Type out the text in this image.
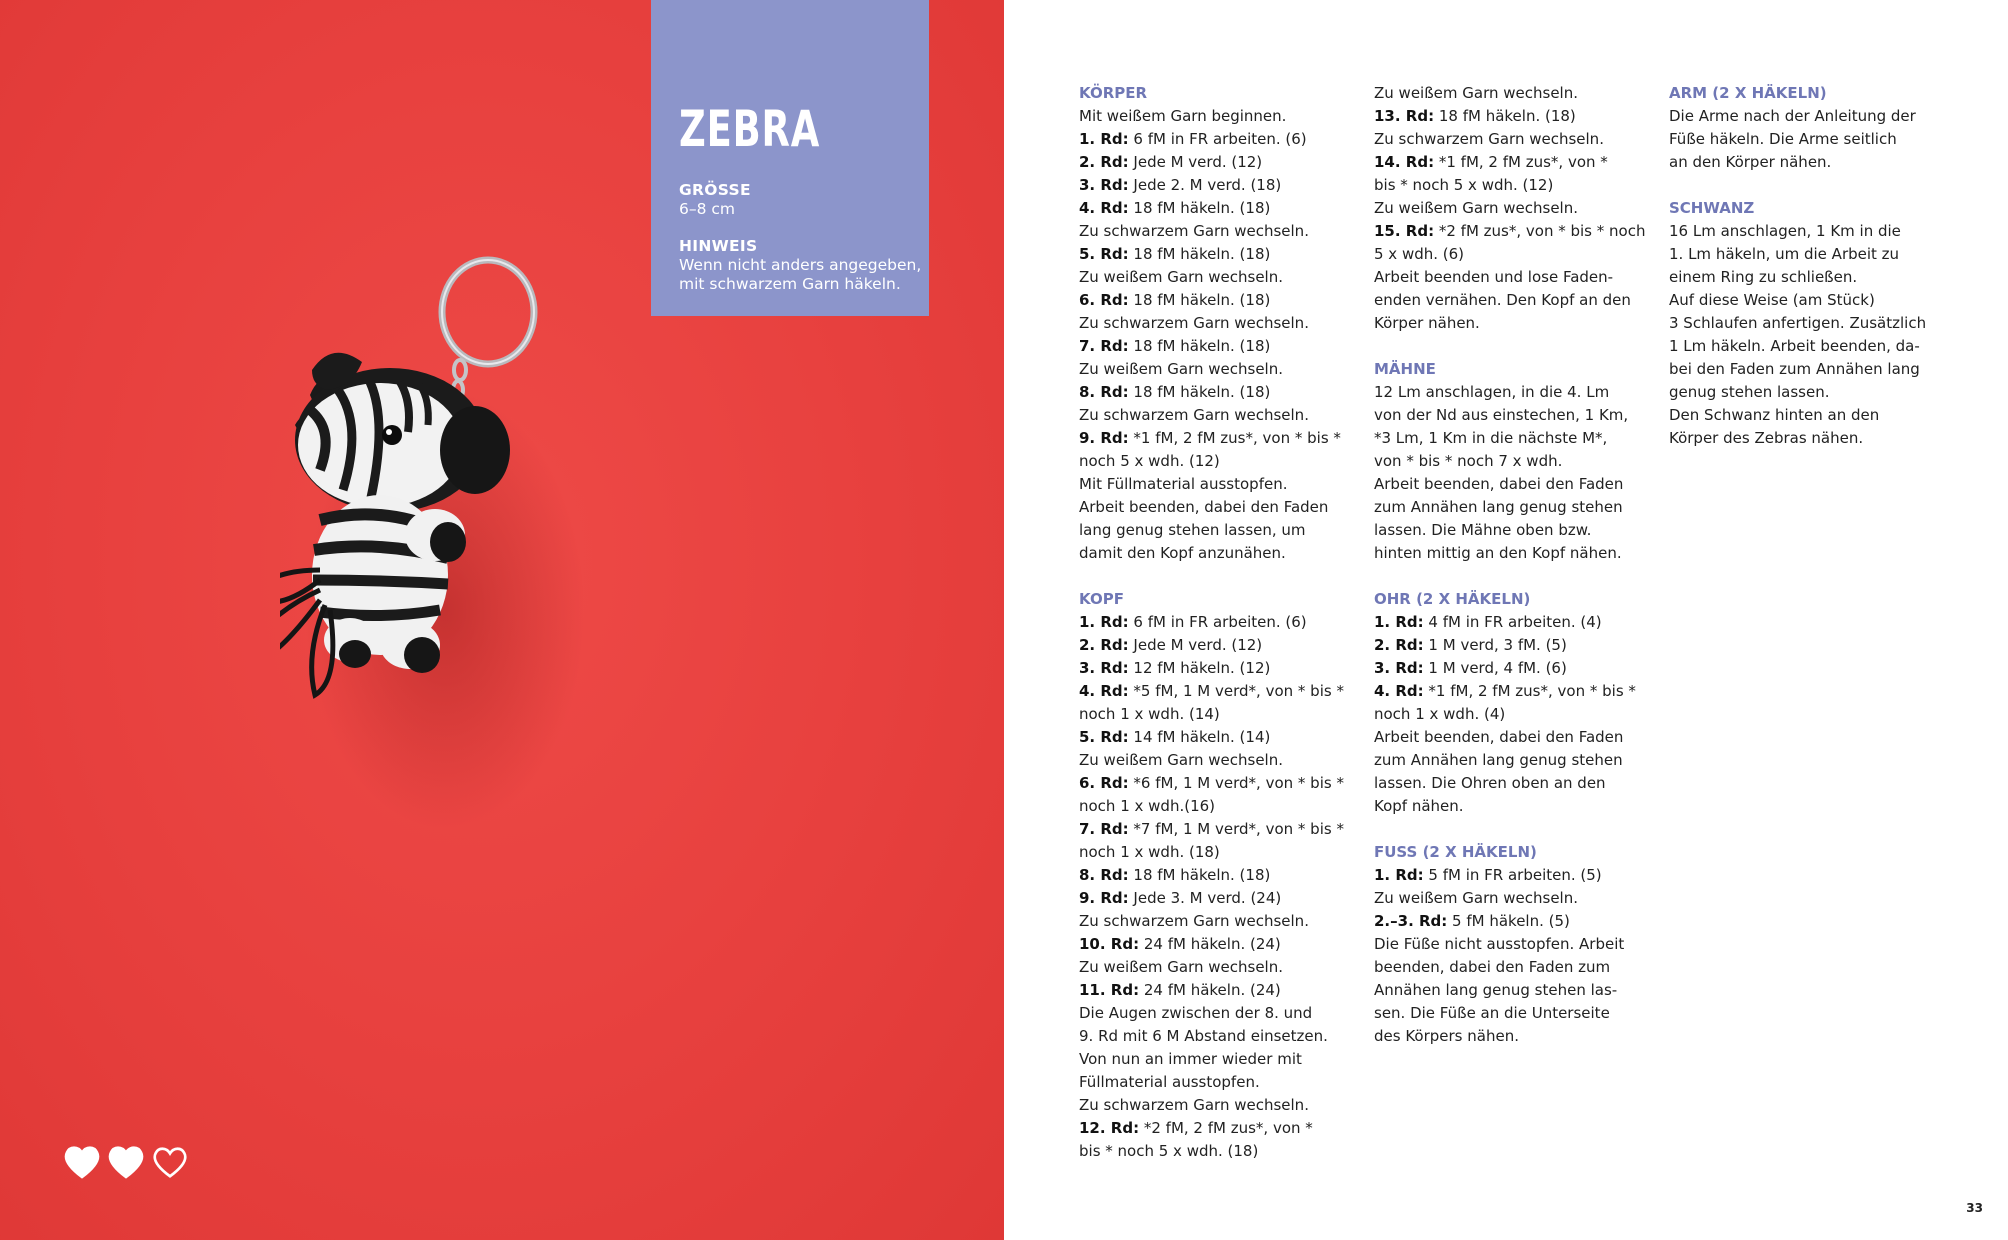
ZEBRA
GRÖSSE
6–8 cm
HINWEIS
Wenn nicht anders angegeben,
mit schwarzem Garn häkeln.
KÖRPER
Mit weißem Garn beginnen.
1. Rd: 6 fM in FR arbeiten. (6)
2. Rd: Jede M verd. (12)
3. Rd: Jede 2. M verd. (18)
4. Rd: 18 fM häkeln. (18)
Zu schwarzem Garn wechseln.
5. Rd: 18 fM häkeln. (18)
Zu weißem Garn wechseln.
6. Rd: 18 fM häkeln. (18)
Zu schwarzem Garn wechseln.
7. Rd: 18 fM häkeln. (18)
Zu weißem Garn wechseln.
8. Rd: 18 fM häkeln. (18)
Zu schwarzem Garn wechseln.
9. Rd: *1 fM, 2 fM zus*, von * bis *
noch 5 x wdh. (12)
Mit Füllmaterial ausstopfen.
Arbeit beenden, dabei den Faden
lang genug stehen lassen, um
damit den Kopf anzunähen.
KOPF
1. Rd: 6 fM in FR arbeiten. (6)
2. Rd: Jede M verd. (12)
3. Rd: 12 fM häkeln. (12)
4. Rd: *5 fM, 1 M verd*, von * bis *
noch 1 x wdh. (14)
5. Rd: 14 fM häkeln. (14)
Zu weißem Garn wechseln.
6. Rd: *6 fM, 1 M verd*, von * bis *
noch 1 x wdh.(16)
7. Rd: *7 fM, 1 M verd*, von * bis *
noch 1 x wdh. (18)
8. Rd: 18 fM häkeln. (18)
9. Rd: Jede 3. M verd. (24)
Zu schwarzem Garn wechseln.
10. Rd: 24 fM häkeln. (24)
Zu weißem Garn wechseln.
11. Rd: 24 fM häkeln. (24)
Die Augen zwischen der 8. und
9. Rd mit 6 M Abstand einsetzen.
Von nun an immer wieder mit
Füllmaterial ausstopfen.
Zu schwarzem Garn wechseln.
12. Rd: *2 fM, 2 fM zus*, von *
bis * noch 5 x wdh. (18)
Zu weißem Garn wechseln.
13. Rd: 18 fM häkeln. (18)
Zu schwarzem Garn wechseln.
14. Rd: *1 fM, 2 fM zus*, von *
bis * noch 5 x wdh. (12)
Zu weißem Garn wechseln.
15. Rd: *2 fM zus*, von * bis * noch
5 x wdh. (6)
Arbeit beenden und lose Faden-
enden vernähen. Den Kopf an den
Körper nähen.
MÄHNE
12 Lm anschlagen, in die 4. Lm
von der Nd aus einstechen, 1 Km,
*3 Lm, 1 Km in die nächste M*,
von * bis * noch 7 x wdh.
Arbeit beenden, dabei den Faden
zum Annähen lang genug stehen
lassen. Die Mähne oben bzw.
hinten mittig an den Kopf nähen.
OHR (2 X HÄKELN)
1. Rd: 4 fM in FR arbeiten. (4)
2. Rd: 1 M verd, 3 fM. (5)
3. Rd: 1 M verd, 4 fM. (6)
4. Rd: *1 fM, 2 fM zus*, von * bis *
noch 1 x wdh. (4)
Arbeit beenden, dabei den Faden
zum Annähen lang genug stehen
lassen. Die Ohren oben an den
Kopf nähen.
FUSS (2 X HÄKELN)
1. Rd: 5 fM in FR arbeiten. (5)
Zu weißem Garn wechseln.
2.–3. Rd: 5 fM häkeln. (5)
Die Füße nicht ausstopfen. Arbeit
beenden, dabei den Faden zum
Annähen lang genug stehen las-
sen. Die Füße an die Unterseite
des Körpers nähen.
ARM (2 X HÄKELN)
Die Arme nach der Anleitung der
Füße häkeln. Die Arme seitlich
an den Körper nähen.
SCHWANZ
16 Lm anschlagen, 1 Km in die
1. Lm häkeln, um die Arbeit zu
einem Ring zu schließen.
Auf diese Weise (am Stück)
3 Schlaufen anfertigen. Zusätzlich
1 Lm häkeln. Arbeit beenden, da-
bei den Faden zum Annähen lang
genug stehen lassen.
Den Schwanz hinten an den
Körper des Zebras nähen.
33
